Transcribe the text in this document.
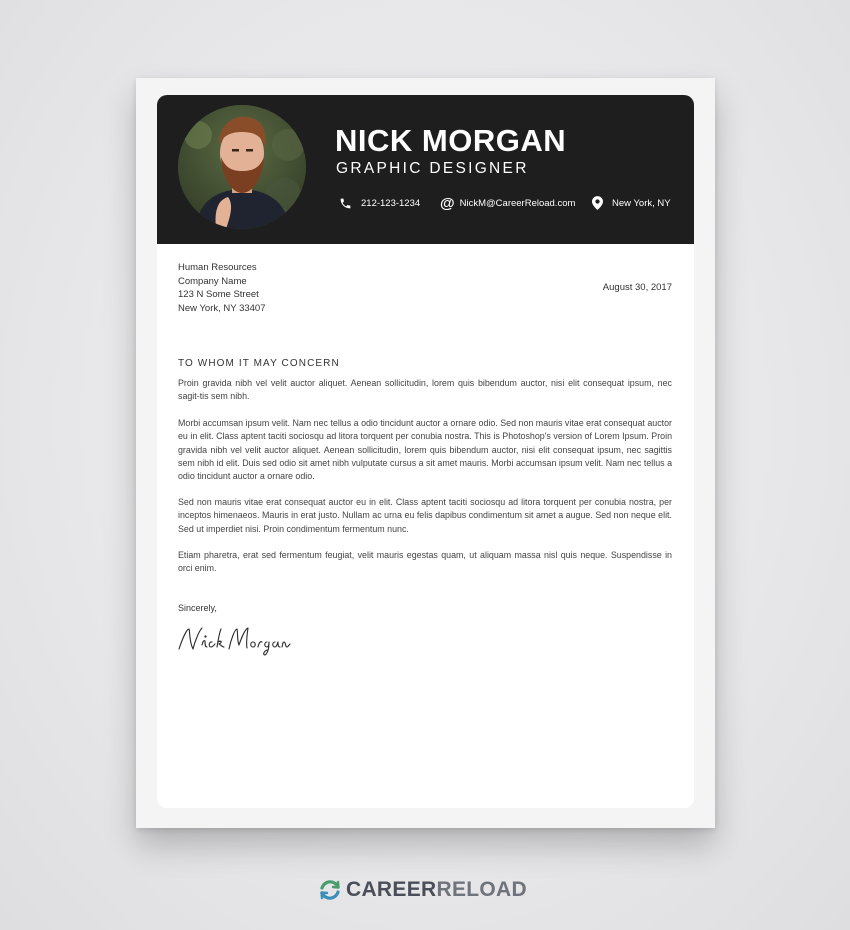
NICK MORGAN
GRAPHIC DESIGNER
212-123-1234 @ NickM@CareerReload.com	New York, NY
Human Resources
Company Name
123 N Some Street
New York, NY 33407
August 30, 2017
TO WHOM IT MAY CONCERN
Proin gravida nibh vel velit auctor aliquet. Aenean sollicitudin, lorem quis bibendum auctor, nisi elit consequat ipsum, nec sagit-tis sem nibh.
Morbi accumsan ipsum velit. Nam nec tellus a odio tincidunt auctor a ornare odio. Sed non mauris vitae erat consequat auctor eu in elit. Class aptent taciti sociosqu ad litora torquent per conubia nostra. This is Photoshop's version of Lorem Ipsum. Proin gravida nibh vel velit auctor aliquet. Aenean sollicitudin, lorem quis bibendum auctor, nisi elit consequat ipsum, nec sagittis sem nibh id elit. Duis sed odio sit amet nibh vulputate cursus a sit amet mauris. Morbi accumsan ipsum velit. Nam nec tellus a odio tincidunt auctor a ornare odio.
Sed non mauris vitae erat consequat auctor eu in elit. Class aptent taciti sociosqu ad litora torquent per conubia nostra, per inceptos himenaeos. Mauris in erat justo. Nullam ac urna eu felis dapibus condimentum sit amet a augue. Sed non neque elit. Sed ut imperdiet nisi. Proin condimentum fermentum nunc.
Etiam pharetra, erat sed fermentum feugiat, velit mauris egestas quam, ut aliquam massa nisl quis neque. Suspendisse in orci enim.
Sincerely,
CAREERRELOAD
